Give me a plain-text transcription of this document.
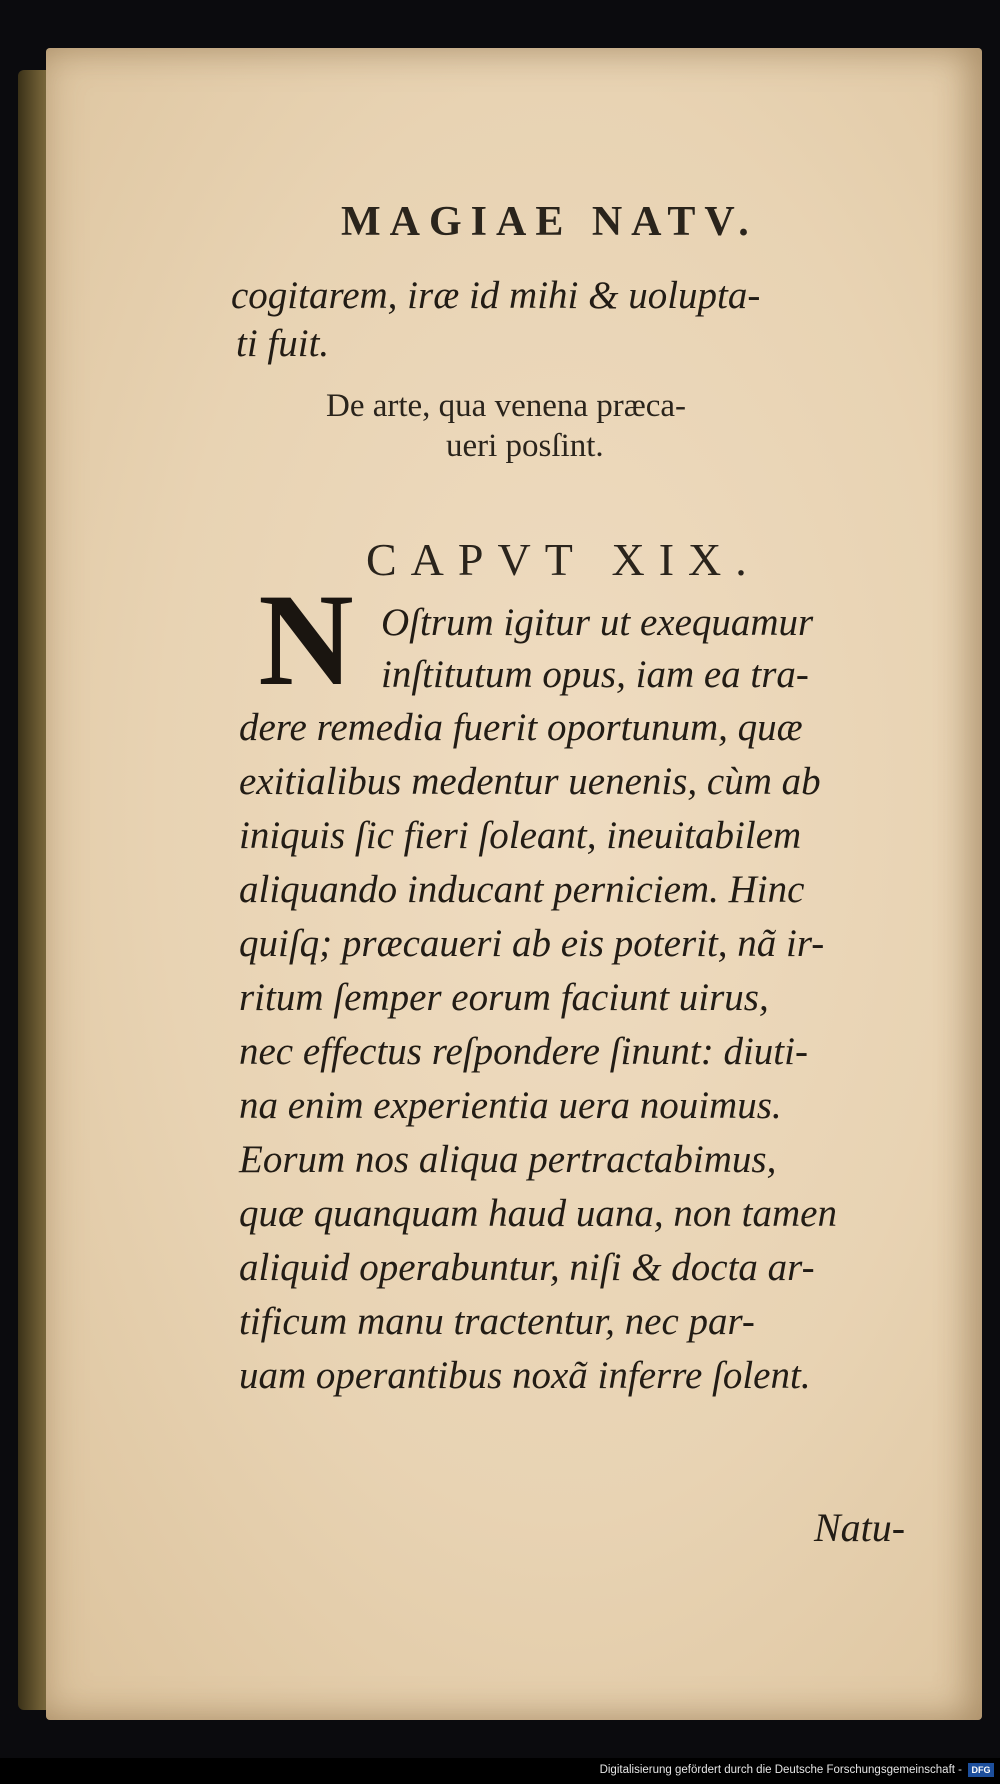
MAGIAE NATV.
cogitarem, iræ id mihi & uolupta-
ti fuit.
De arte, qua venena præca-
ueri posſint.
CAPVT XIX.
N Oſtrum igitur ut exequamur
inſtitutum opus, iam ea tra-
dere remedia fuerit oportunum, quæ
exitialibus medentur uenenis, cùm ab
iniquis ſic fieri ſoleant, ineuitabilem
aliquando inducant perniciem. Hinc
quiſq; præcaueri ab eis poterit, nã ir-
ritum ſemper eorum faciunt uirus,
nec effectus reſpondere ſinunt: diuti-
na enim experientia uera nouimus.
Eorum nos aliqua pertractabimus,
quæ quanquam haud uana, non tamen
aliquid operabuntur, niſi & docta ar-
tificum manu tractentur, nec par-
uam operantibus noxã inferre ſolent.
Natu-
Digitalisierung gefördert durch die Deutsche Forschungsgemeinschaft -	DFG
